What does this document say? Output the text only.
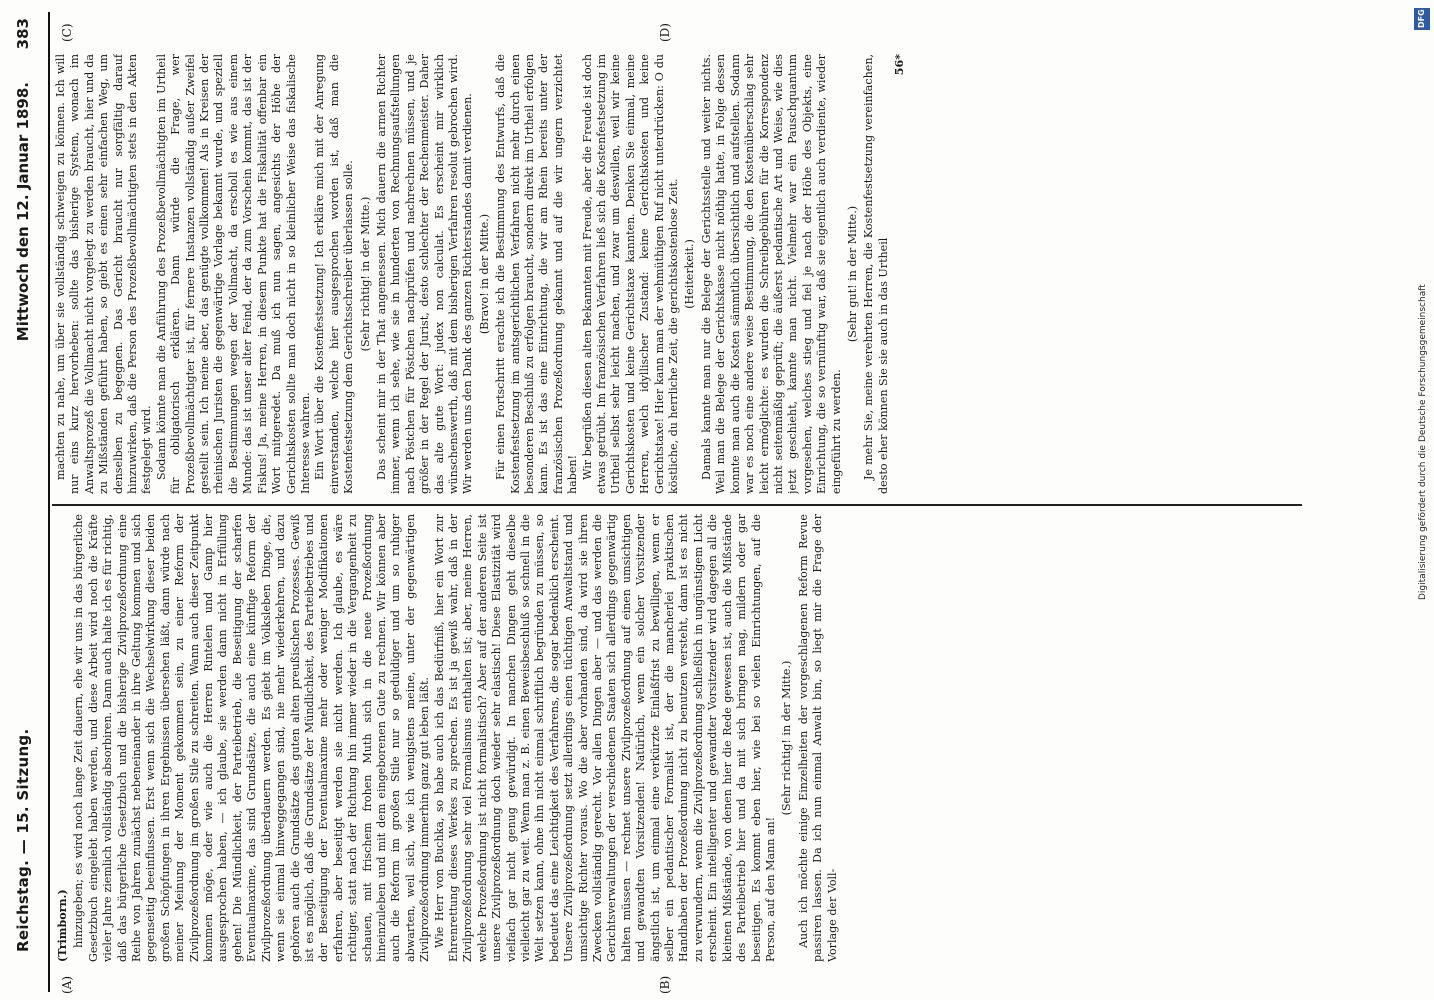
DFG
Digitalisierung gefördert durch die Deutsche Forschungsgemeinschaft
Reichstag. — 15. Sitzung.
Mittwoch den 12. Januar 1898.
383
(A)	(B)
(C)	(D)

(Trimborn.) hinzugeben; es wird noch lange Zeit dauern, ehe wir uns in das bürgerliche Gesetzbuch eingelebt haben werden, und diese Arbeit wird noch die Kräfte vieler Jahre ziemlich vollständig absorbiren. Dann auch halte ich es für richtig, daß das bürgerliche Gesetzbuch und die bisherige Zivilprozeßordnung eine Reihe von Jahren zunächst nebeneinander in ihre Geltung kommen und sich gegenseitig beeinflussen. Erst wenn sich die Wechselwirkung dieser beiden großen Schöpfungen in ihren Ergebnissen übersehen läßt, dann würde nach meiner Meinung der Moment gekommen sein, zu einer Reform der Zivilprozeßordnung im großen Stile zu schreiten. Wann auch dieser Zeitpunkt kommen möge, oder wie auch die Herren Rintelen und Gamp hier ausgesprochen haben, — ich glaube, sie werden dann nicht in Erfüllung gehen! Die Mündlichkeit, der Parteibetrieb, die Beseitigung der scharfen Eventualmaxime, das sind Grundsätze, die auch eine künftige Reform der Zivilprozeßordnung überdauern werden. Es giebt im Volksleben Dinge, die, wenn sie einmal hinweggegangen sind, nie mehr wiederkehren, und dazu gehören auch die Grundsätze des guten alten preußischen Prozesses. Gewiß ist es möglich, daß die Grundsätze der Mündlichkeit, des Parteibetriebes und der Beseitigung der Eventualmaxime mehr oder weniger Modifikationen erfahren, aber beseitigt werden sie nicht werden. Ich glaube, es wäre richtiger, statt nach der Richtung hin immer wieder in die Vergangenheit zu schauen, mit frischem frohen Muth sich in die neue Prozeßordnung hineinzuleben und mit dem eingeborenen Gute zu rechnen. Wir können aber auch die Reform im großen Stile nur so geduldiger und um so ruhiger abwarten, weil sich, wie ich wenigstens meine, unter der gegenwärtigen Zivilprozeßordnung immerhin ganz gut leben läßt. Wie Herr von Buchka, so habe auch ich das Bedürfniß, hier ein Wort zur Ehrenrettung dieses Werkes zu sprechen. Es ist ja gewiß wahr, daß in der Zivilprozeßordnung sehr viel Formalismus enthalten ist; aber, meine Herren, welche Prozeßordnung ist nicht formalistisch? Aber auf der anderen Seite ist unsere Zivilprozeßordnung doch wieder sehr elastisch! Diese Elastizität wird vielfach gar nicht genug gewürdigt. In manchen Dingen geht dieselbe vielleicht gar zu weit. Wenn man z. B. einen Beweisbeschluß so schnell in die Welt setzen kann, ohne ihn nicht einmal schriftlich begründen zu müssen, so bedeutet das eine Leichtigkeit des Verfahrens, die sogar bedenklich erscheint. Unsere Zivilprozeßordnung setzt allerdings einen tüchtigen Anwaltstand und umsichtige Richter voraus. Wo die aber vorhanden sind, da wird sie ihren Zwecken vollständig gerecht. Vor allen Dingen aber — und das werden die Gerichtsverwaltungen der verschiedenen Staaten sich allerdings gegenwärtig halten müssen — rechnet unsere Zivilprozeßordnung auf einen umsichtigen und gewandten Vorsitzenden! Natürlich, wenn ein solcher Vorsitzender ängstlich ist, um einmal eine verkürzte Einlaßfrist zu bewilligen, wenn er selber ein pedantischer Formalist ist, der die mancherlei praktischen Handhaben der Prozeßordnung nicht zu benutzen versteht, dann ist es nicht zu verwundern, wenn die Zivilprozeßordnung schließlich in ungünstigem Licht erscheint. Ein intelligenter und gewandter Vorsitzender wird dagegen all die kleinen Mißstände, von denen hier die Rede gewesen ist, auch die Mißstände des Parteibetrieb hier und da mit sich bringen mag, mildern oder gar beseitigen. Es kommt eben hier, wie bei so vielen Einrichtungen, auf die Person, auf den Mann an!

(Sehr richtig! in der Mitte.) Auch ich möchte einige Einzelheiten der vorgeschlagenen Reform Revue passiren lassen. Da ich nun einmal Anwalt bin, so liegt mir die Frage der Vorlage der Voll-

machten zu nahe, um über sie vollständig schweigen zu können. Ich will nur eins kurz hervorheben: sollte das bisherige System, wonach im Anwaltsprozeß die Vollmacht nicht vorgelegt zu werden braucht, hier und da zu Mißständen geführt haben, so giebt es einen sehr einfachen Weg, um denselben zu begegnen. Das Gericht braucht nur sorgfältig darauf hinzuwirken, daß die Person des Prozeßbevollmächtigten stets in den Akten festgelegt wird. Sodann könnte man die Anführung des Prozeßbevollmächtigten im Urtheil für obligatorisch erklären. Dann würde die Frage, wer Prozeßbevollmächtigter ist, für fernere Instanzen vollständig außer Zweifel gestellt sein. Ich meine aber, das genügte vollkommen! Als in Kreisen der rheinischen Juristen die gegenwärtige Vorlage bekannt wurde, und speziell die Bestimmungen wegen der Vollmacht, da erscholl es wie aus einem Munde: das ist unser alter Feind, der da zum Vorschein kommt, das ist der Fiskus! Ja, meine Herren, in diesem Punkte hat die Fiskalität offenbar ein Wort mitgeredet. Da muß ich nun sagen, angesichts der Höhe der Gerichtskosten sollte man doch nicht in so kleinlicher Weise das fiskalische Interesse wahren. Ein Wort über die Kostenfestsetzung! Ich erkläre mich mit der Anregung einverstanden, welche hier ausgesprochen worden ist, daß man die Kostenfestsetzung dem Gerichtsschreiber überlassen solle. (Sehr richtig! in der Mitte.) Das scheint mir in der That angemessen. Mich dauern die armen Richter immer, wenn ich sehe, wie sie in hunderten von Rechnungsaufstellungen nach Pöstchen für Pöstchen nachprüfen und nachrechnen müssen, und je größer in der Regel der Jurist, desto schlechter der Rechenmeister. Daher das alte gute Wort: judex non calculat. Es erscheint mir wirklich wünschenswerth, daß mit dem bisherigen Verfahren resolut gebrochen wird. Wir werden uns den Dank des ganzen Richterstandes damit verdienen. (Bravo! in der Mitte.) Für einen Fortschritt erachte ich die Bestimmung des Entwurfs, daß die Kostenfestsetzung im amtsgerichtlichen Verfahren nicht mehr durch einen besonderen Beschluß zu erfolgen braucht, sondern direkt im Urtheil erfolgen kann. Es ist das eine Einrichtung, die wir am Rhein bereits unter der französischen Prozeßordnung gekannt und auf die wir ungern verzichtet haben! Wir begrüßen diesen alten Bekannten mit Freude, aber die Freude ist doch etwas getrübt. Im französischen Verfahren ließ sich die Kostenfestsetzung im Urtheil selbst sehr leicht machen, und zwar um deswillen, weil wir keine Gerichtskosten und keine Gerichtstaxe kannten. Denken Sie einmal, meine Herren, welch idyllischer Zustand: keine Gerichtskosten und keine Gerichtstaxe! Hier kann man der wehmüthigen Ruf nicht unterdrücken: O du köstliche, du herrliche Zeit, die gerichtskostenlose Zeit. (Heiterkeit.) Damals kannte man nur die Belege der Gerichtsstelle und weiter nichts. Weil man die Belege der Gerichtskasse nicht nöthig hatte, in Folge dessen konnte man auch die Kosten sämmtlich übersichtlich und aufstellen. Sodann war es noch eine andere weise Bestimmung, die den Kostenüberschlag sehr leicht ermöglichte: es wurden die Schreibgebühren für die Korrespondenz nicht seitenmäßig geprüft; die äußerst pedantische Art und Weise, wie dies jetzt geschieht, kannte man nicht. Vielmehr war ein Pauschquantum vorgesehen, welches stieg und fiel je nach der Höhe des Objekts, eine Einrichtung, die so vernünftig war, daß sie eigentlich auch verdiente, wieder eingeführt zu werden.

(Sehr gut! in der Mitte.) Je mehr Sie, meine verehrten Herren, die Kostenfestsetzung vereinfachen, desto eher können Sie sie auch in das Urtheil

56*
